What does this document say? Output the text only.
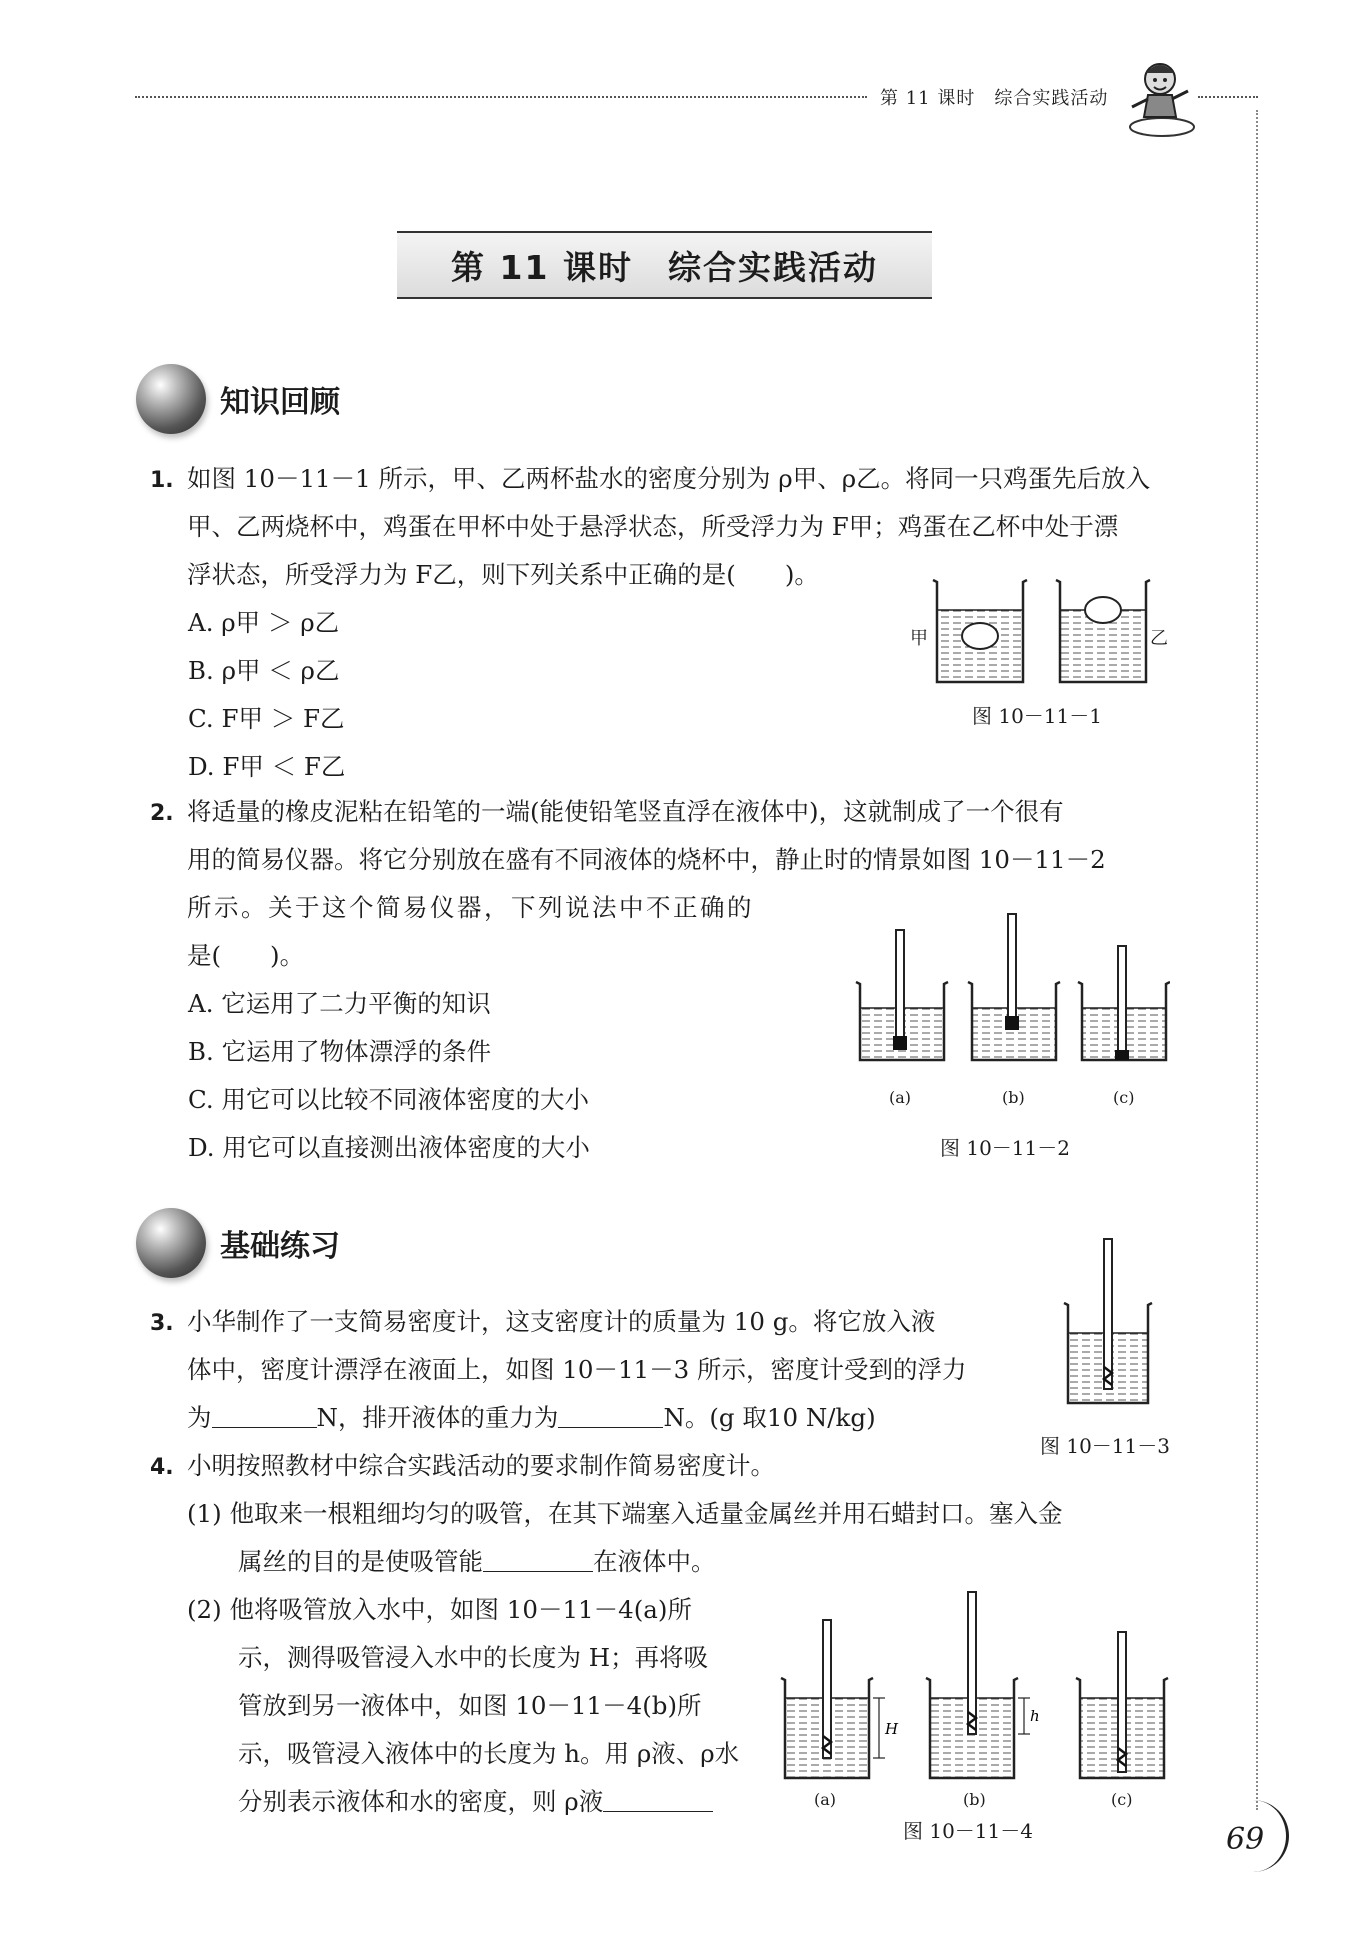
第 11 课时　综合实践活动
第 11 课时　综合实践活动
知识回顾
1. 如图 10－11－1 所示，甲、乙两杯盐水的密度分别为 ρ甲、ρ乙。将同一只鸡蛋先后放入
甲、乙两烧杯中，鸡蛋在甲杯中处于悬浮状态，所受浮力为 F甲；鸡蛋在乙杯中处于漂
浮状态，所受浮力为 F乙，则下列关系中正确的是(　　)。
A. ρ甲 ＞ ρ乙
B. ρ甲 ＜ ρ乙
C. F甲 ＞ F乙
D. F甲 ＜ F乙
甲	乙
图 10－11－1
2. 将适量的橡皮泥粘在铅笔的一端(能使铅笔竖直浮在液体中)，这就制成了一个很有
用的简易仪器。将它分别放在盛有不同液体的烧杯中，静止时的情景如图 10－11－2
所示。关于这个简易仪器，下列说法中不正确的
是(　　)。
A. 它运用了二力平衡的知识
B. 它运用了物体漂浮的条件
C. 用它可以比较不同液体密度的大小
D. 用它可以直接测出液体密度的大小
(a)	(b)	(c)
图 10－11－2
基础练习
3. 小华制作了一支简易密度计，这支密度计的质量为 10 g。将它放入液
体中，密度计漂浮在液面上，如图 10－11－3 所示，密度计受到的浮力
为	N，排开液体的重力为	N。(g 取10 N/kg)
图 10－11－3
4. 小明按照教材中综合实践活动的要求制作简易密度计。
(1) 他取来一根粗细均匀的吸管，在其下端塞入适量金属丝并用石蜡封口。塞入金
属丝的目的是使吸管能	在液体中。
(2) 他将吸管放入水中，如图 10－11－4(a)所
示，测得吸管浸入水中的长度为 H；再将吸
管放到另一液体中，如图 10－11－4(b)所
示，吸管浸入液体中的长度为 h。用 ρ液、ρ水
分别表示液体和水的密度，则 ρ液
H
h
(a)	(b)	(c)
图 10－11－4	69
